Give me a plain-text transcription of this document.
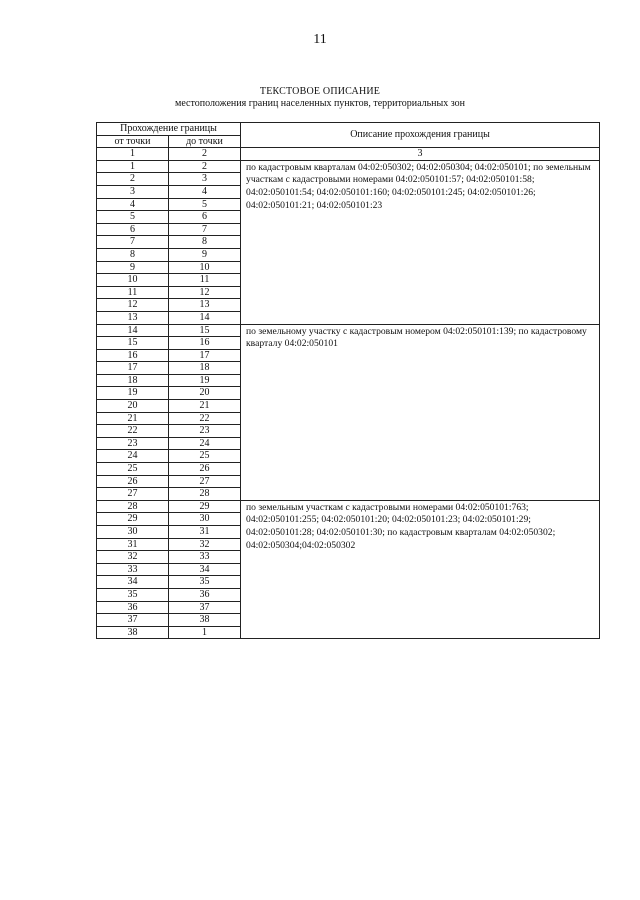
11
ТЕКСТОВОЕ ОПИСАНИЕ
местоположения границ населенных пунктов, территориальных зон
Прохождение границы		Описание прохождения границы
от точки	до точки	
1	2	3
1	2	по кадастровым кварталам 04:02:050302; 04:02:050304; 04:02:050101; по земельным участкам с кадастровыми номерами 04:02:050101:57; 04:02:050101:58; 04:02:050101:54; 04:02:050101:160; 04:02:050101:245; 04:02:050101:26; 04:02:050101:21; 04:02:050101:23

2	3	
3	4	
4	5	
5	6	
6	7	
7	8	
8	9	
9	10	
10	11	
11	12	
12	13	
13	14	
14	15	по земельному участку с кадастровым номером 04:02:050101:139; по кадастровому кварталу 04:02:050101

15	16	
16	17	
17	18	
18	19	
19	20	
20	21	
21	22	
22	23	
23	24	
24	25	
25	26	
26	27	
27	28	
28	29	по земельным участкам с кадастровыми номерами 04:02:050101:763; 04:02:050101:255; 04:02:050101:20; 04:02:050101:23; 04:02:050101:29; 04:02:050101:28; 04:02:050101:30; по кадастровым кварталам 04:02:050302; 04:02:050304;04:02:050302

29	30	
30	31	
31	32	
32	33	
33	34	
34	35	
35	36	
36	37	
37	38	
38	1	
